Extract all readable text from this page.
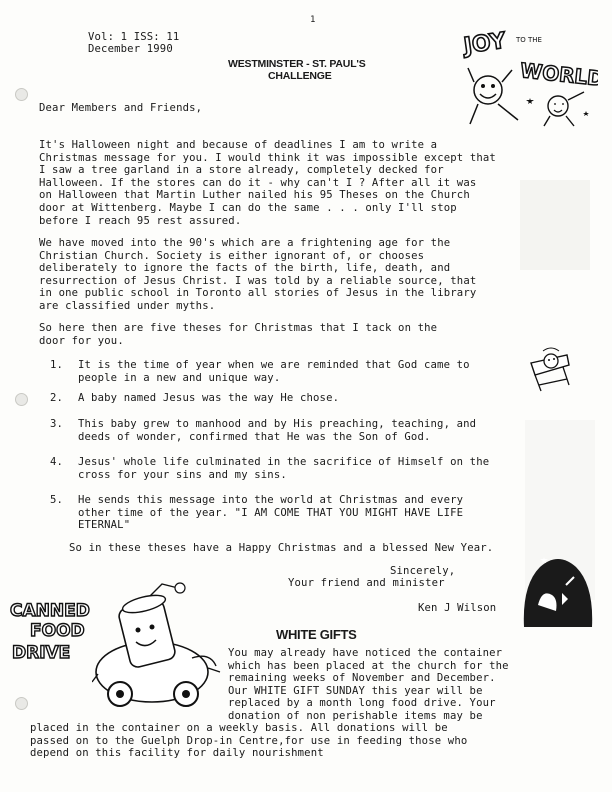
1
Vol: 1 ISS: 11
December 1990
WESTMINSTER - ST. PAUL'S
CHALLENGE
JOY TO THE
WORLD
Dear Members and Friends,
It's Halloween night and because of deadlines I am to write a
Christmas message for you. I would think it was impossible except that
I saw a tree garland in a store already, completely decked for
Halloween. If the stores can do it - why can't I ? After all it was
on Halloween that Martin Luther nailed his 95 Theses on the Church
door at Wittenberg. Maybe I can do the same . . . only I'll stop
before I reach 95 rest assured.
We have moved into the 90's which are a frightening age for the
Christian Church. Society is either ignorant of, or chooses
deliberately to ignore the facts of the birth, life, death, and
resurrection of Jesus Christ. I was told by a reliable source, that
in one public school in Toronto all stories of Jesus in the library
are classified under myths.
So here then are five theses for Christmas that I tack on the
door for you.
1. It is the time of year when we are reminded that God came to
people in a new and unique way.
2. A baby named Jesus was the way He chose.
3. This baby grew to manhood and by His preaching, teaching, and
deeds of wonder, confirmed that He was the Son of God.
4. Jesus' whole life culminated in the sacrifice of Himself on the
cross for your sins and my sins.
5. He sends this message into the world at Christmas and every
other time of the year. "I AM COME THAT YOU MIGHT HAVE LIFE
ETERNAL"
So in these theses have a Happy Christmas and a blessed New Year.
Sincerely,
Your friend and minister
Ken J Wilson
CANNED
FOOD
DRIVE
WHITE GIFTS
You may already have noticed the container
which has been placed at the church for the
remaining weeks of November and December.
Our WHITE GIFT SUNDAY this year will be
replaced by a month long food drive. Your
donation of non perishable items may be
placed in the container on a weekly basis. All donations will be
passed on to the Guelph Drop-in Centre,for use in feeding those who
depend on this facility for daily nourishment
